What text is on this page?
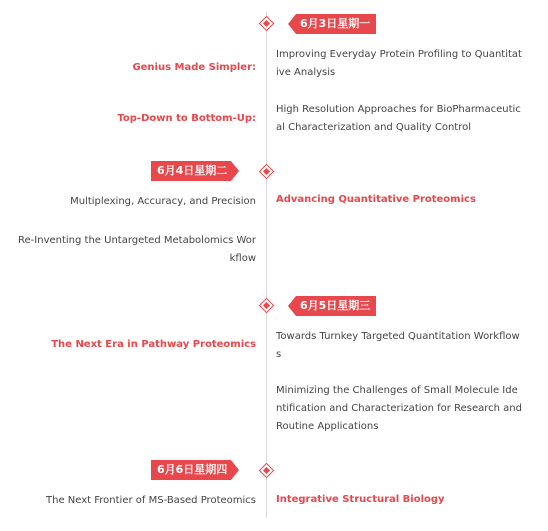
6月3日星期一
Genius Made Simpler:
Improving Everyday Protein Profiling to Quantitative Analysis
Top-Down to Bottom-Up:
High Resolution Approaches for BioPharmaceutical Characterization and Quality Control
6月4日星期二
Multiplexing, Accuracy, and Precision Advancing Quantitative Proteomics
Re-Inventing the Untargeted Metabolomics Workflow
6月5日星期三
The Next Era in Pathway Proteomics
Towards Turnkey Targeted Quantitation Workflows
Minimizing the Challenges of Small Molecule Identification and Characterization for Research and Routine Applications
6月6日星期四
The Next Frontier of MS-Based Proteomics Integrative Structural Biology
